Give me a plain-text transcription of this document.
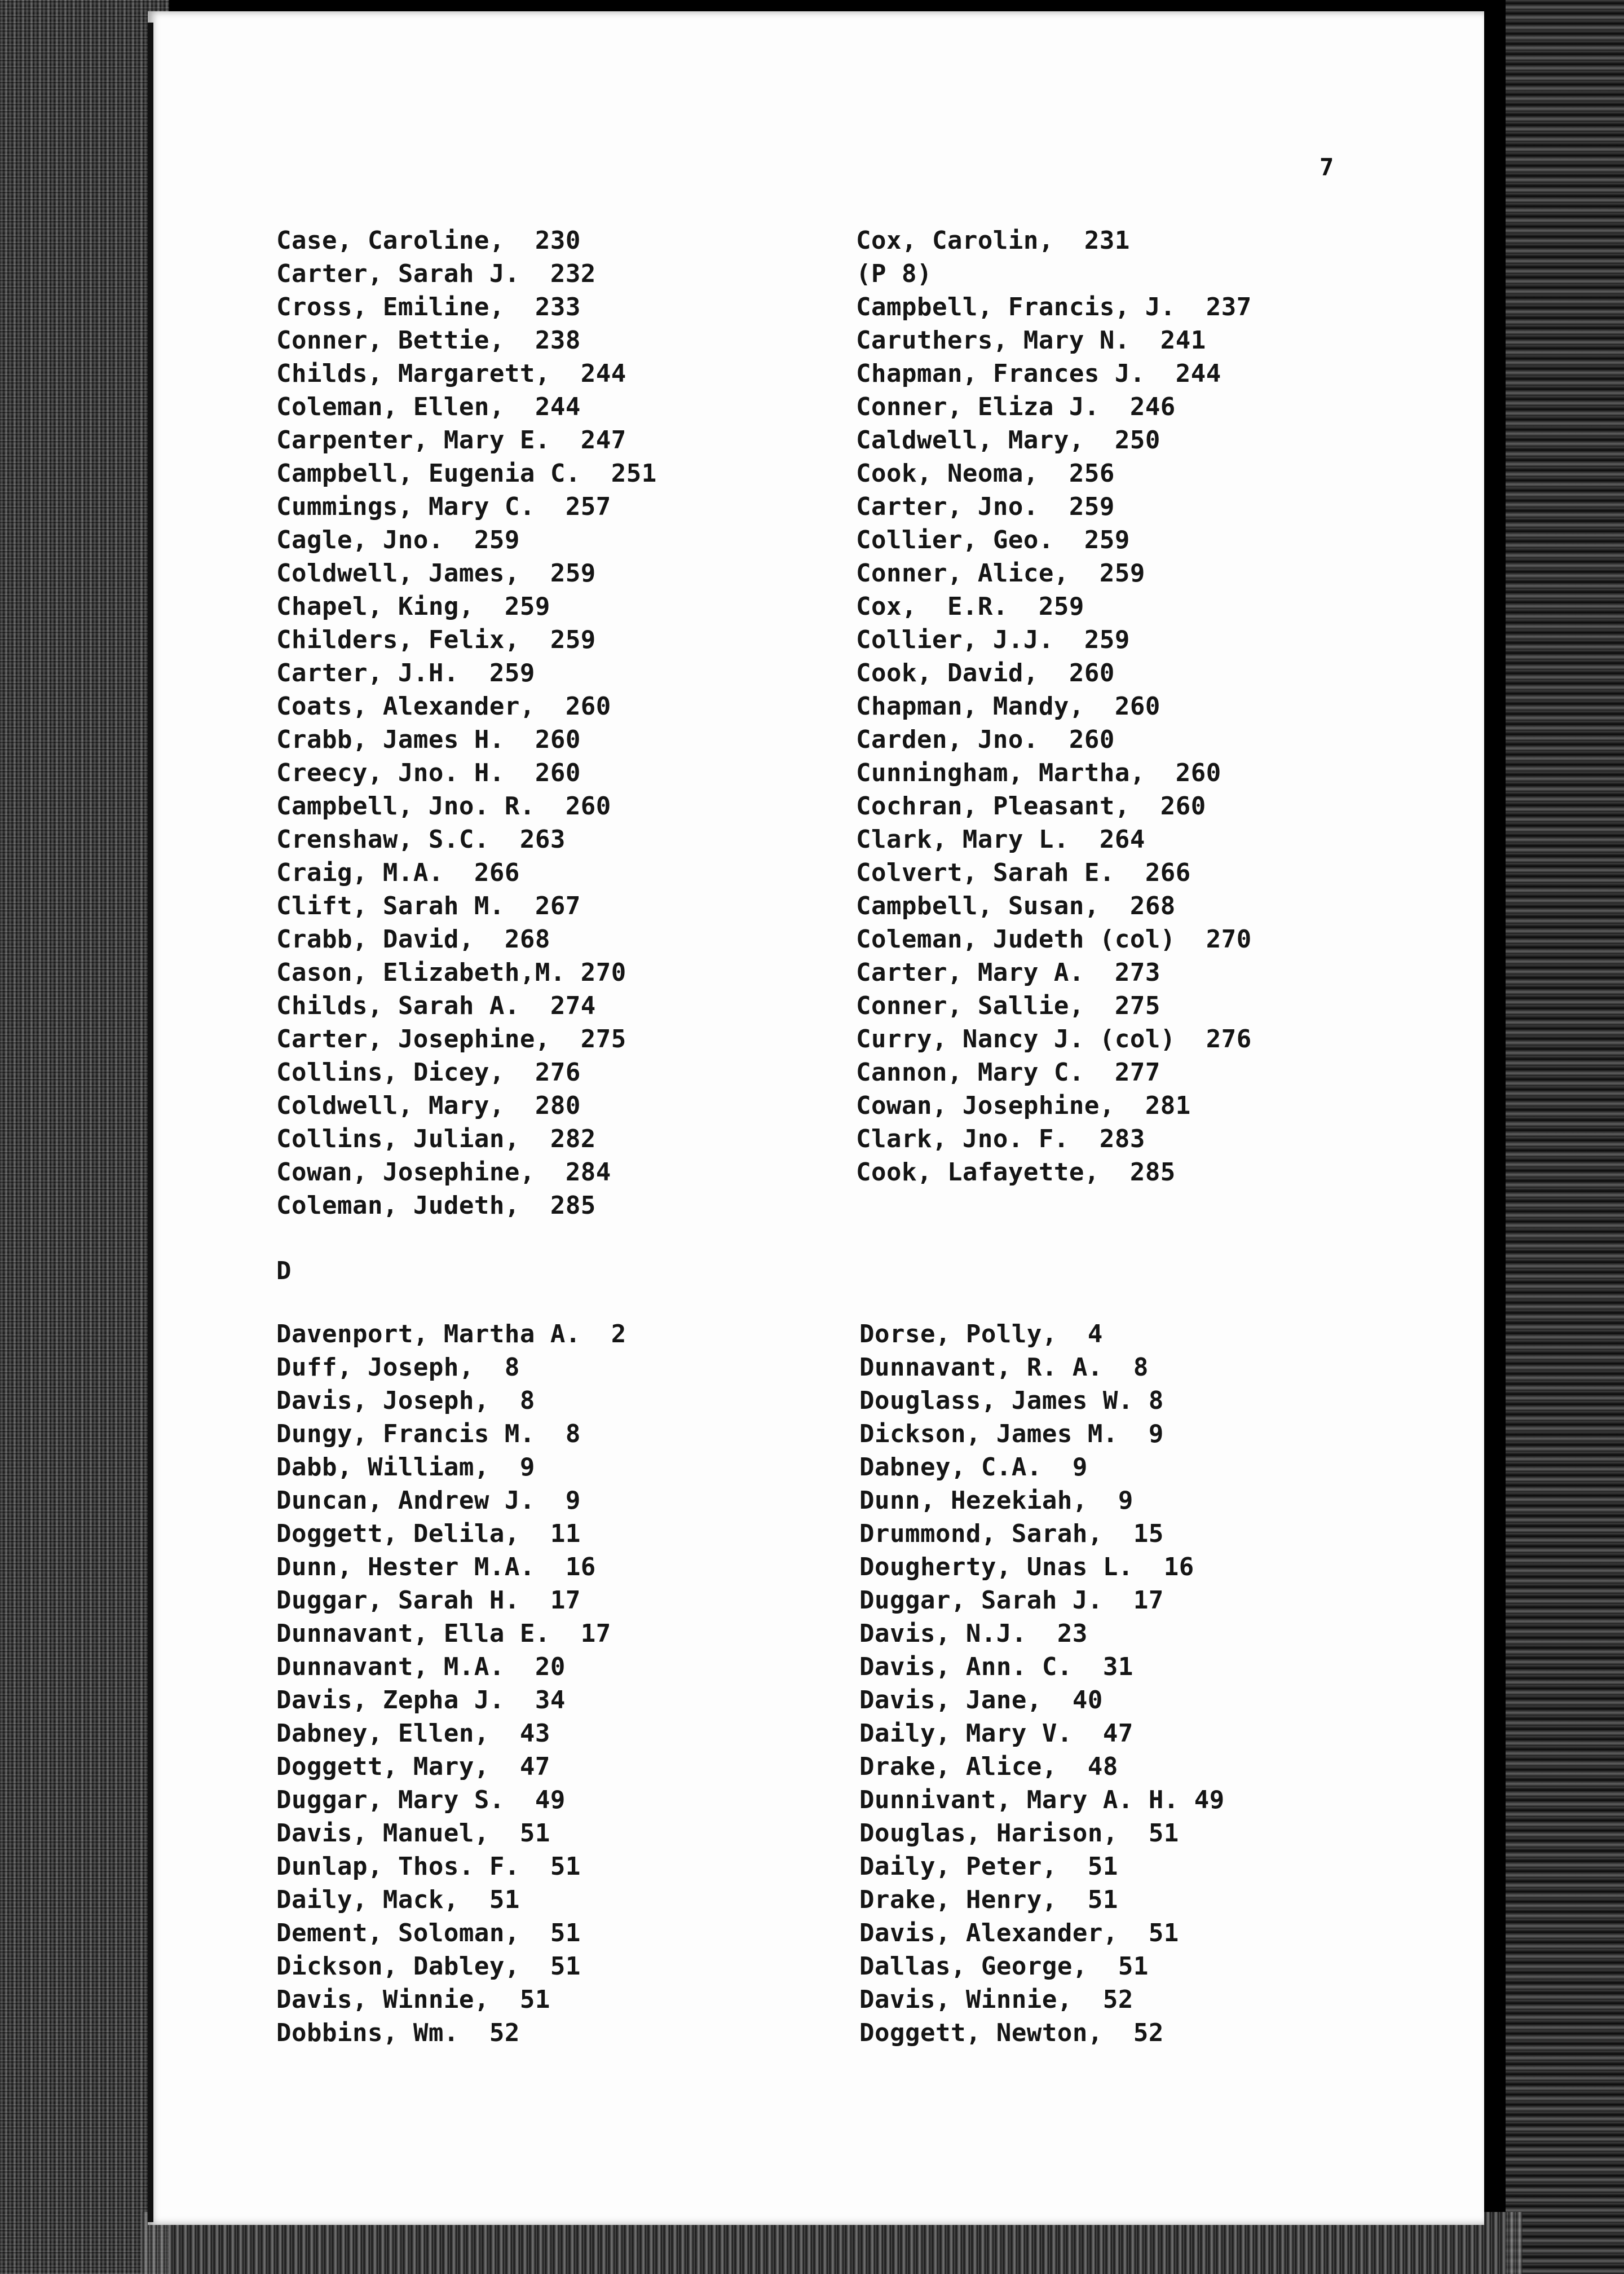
7
Case, Caroline,  230
Carter, Sarah J.  232
Cross, Emiline,  233
Conner, Bettie,  238
Childs, Margarett,  244
Coleman, Ellen,  244
Carpenter, Mary E.  247
Campbell, Eugenia C.  251
Cummings, Mary C.  257
Cagle, Jno.  259
Coldwell, James,  259
Chapel, King,  259
Childers, Felix,  259
Carter, J.H.  259
Coats, Alexander,  260
Crabb, James H.  260
Creecy, Jno. H.  260
Campbell, Jno. R.  260
Crenshaw, S.C.  263
Craig, M.A.  266
Clift, Sarah M.  267
Crabb, David,  268
Cason, Elizabeth,M. 270
Childs, Sarah A.  274
Carter, Josephine,  275
Collins, Dicey,  276
Coldwell, Mary,  280
Collins, Julian,  282
Cowan, Josephine,  284
Coleman, Judeth,  285
Cox, Carolin,  231
(P 8)
Campbell, Francis, J.  237
Caruthers, Mary N.  241
Chapman, Frances J.  244
Conner, Eliza J.  246
Caldwell, Mary,  250
Cook, Neoma,  256
Carter, Jno.  259
Collier, Geo.  259
Conner, Alice,  259
Cox,  E.R.  259
Collier, J.J.  259
Cook, David,  260
Chapman, Mandy,  260
Carden, Jno.  260
Cunningham, Martha,  260
Cochran, Pleasant,  260
Clark, Mary L.  264
Colvert, Sarah E.  266
Campbell, Susan,  268
Coleman, Judeth (col)  270
Carter, Mary A.  273
Conner, Sallie,  275
Curry, Nancy J. (col)  276
Cannon, Mary C.  277
Cowan, Josephine,  281
Clark, Jno. F.  283
Cook, Lafayette,  285
D
Davenport, Martha A.  2
Duff, Joseph,  8
Davis, Joseph,  8
Dungy, Francis M.  8
Dabb, William,  9
Duncan, Andrew J.  9
Doggett, Delila,  11
Dunn, Hester M.A.  16
Duggar, Sarah H.  17
Dunnavant, Ella E.  17
Dunnavant, M.A.  20
Davis, Zepha J.  34
Dabney, Ellen,  43
Doggett, Mary,  47
Duggar, Mary S.  49
Davis, Manuel,  51
Dunlap, Thos. F.  51
Daily, Mack,  51
Dement, Soloman,  51
Dickson, Dabley,  51
Davis, Winnie,  51
Dobbins, Wm.  52
Dorse, Polly,  4
Dunnavant, R. A.  8
Douglass, James W. 8
Dickson, James M.  9
Dabney, C.A.  9
Dunn, Hezekiah,  9
Drummond, Sarah,  15
Dougherty, Unas L.  16
Duggar, Sarah J.  17
Davis, N.J.  23
Davis, Ann. C.  31
Davis, Jane,  40
Daily, Mary V.  47
Drake, Alice,  48
Dunnivant, Mary A. H. 49
Douglas, Harison,  51
Daily, Peter,  51
Drake, Henry,  51
Davis, Alexander,  51
Dallas, George,  51
Davis, Winnie,  52
Doggett, Newton,  52
